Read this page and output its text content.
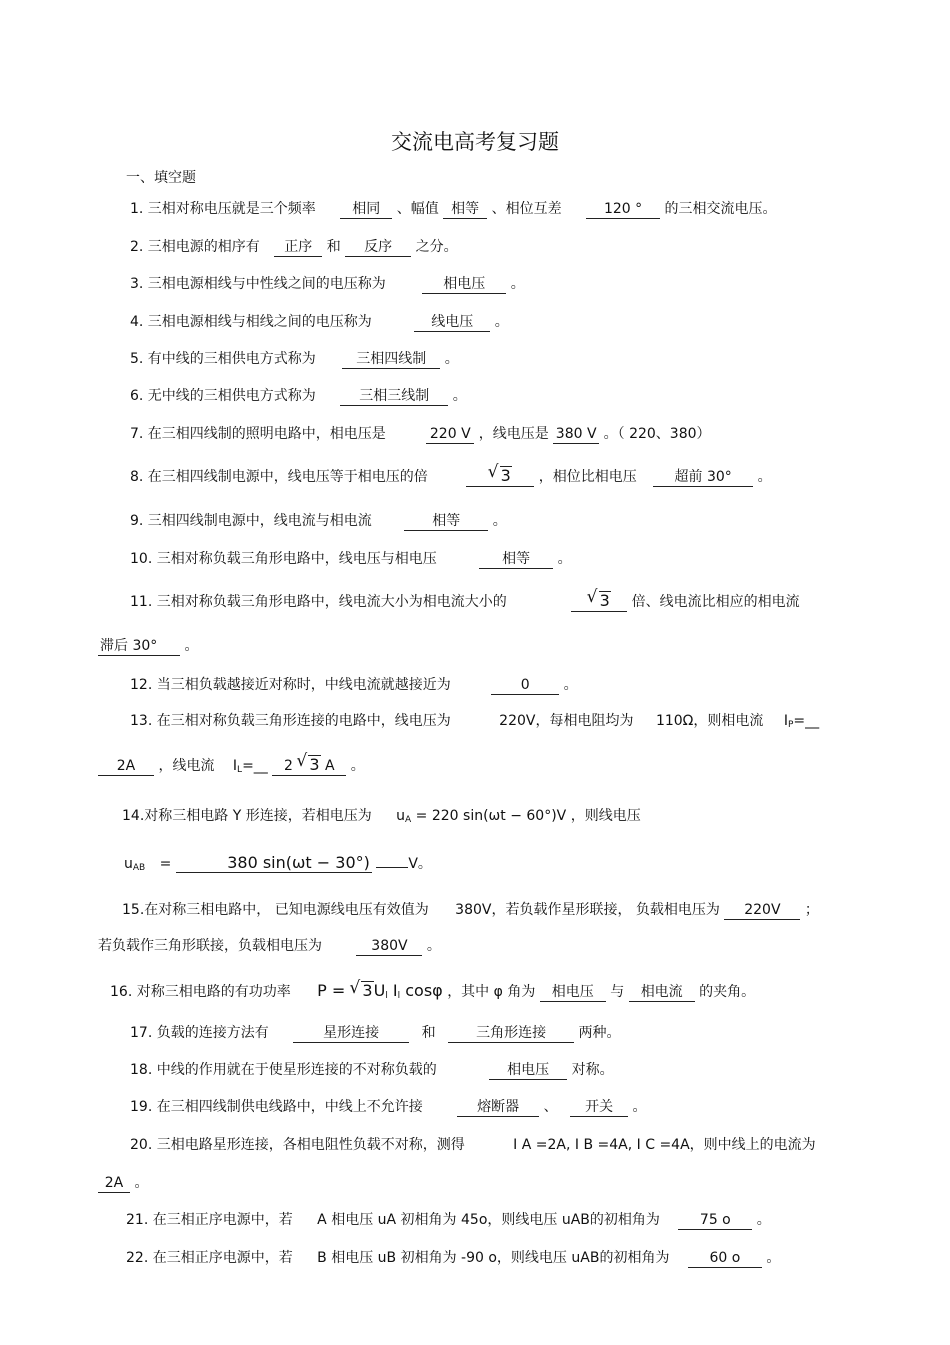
交流电高考复习题
一、填空题
1. 三相对称电压就是三个频率	相同 、幅值 相等 、相位互差	120 ° 的三相交流电压。
2. 三相电源的相序有 正序 和 反序 之分。
3. 三相电源相线与中性线之间的电压称为	相电压 。
4. 三相电源相线与相线之间的电压称为	线电压 。
5. 有中线的三相供电方式称为	三相四线制 。
6. 无中线的三相供电方式称为	三相三线制 。
7. 在三相四线制的照明电路中，相电压是	220 V ，线电压是 380 V 。（ 220、380）
8. 在三相四线制电源中，线电压等于相电压的倍	√ 3 ，相位比相电压	超前 30° 。
9. 三相四线制电源中，线电流与相电流	相等 。
10. 三相对称负载三角形电路中，线电压与相电压	相等 。
11. 三相对称负载三角形电路中，线电流大小为相电流大小的	√ 3 倍、线电流比相应的相电流
滞后 30° 。
12. 当三相负载越接近对称时，中线电流就越接近为	0 。
13. 在三相对称负载三角形连接的电路中，线电压为	220V，每相电阻均为 110Ω，则相电流 $I_P=\_\_$
2A ，线电流 $I_L=\_\_$ 2 √ 3 A 。
14.对称三相电路 Y 形连接，若相电压为 $u_A = 220$ sin(ωt − 60°)V ，则线电压
$u_{AB}$ =	380 sin(ωt − 30°)	V。
15.在对称三相电路中， 已知电源线电压有效值为 380V，若负载作星形联接， 负载相电压为 220V ；
若负载作三角形联接，负载相电压为	380V 。
16. 对称三相电路的有功功率 P = √ $3U_l$ $I_l$ cosφ ，其中 φ 角为 相电压 与 相电流 的夹角。
17. 负载的连接方法有	星形连接	和	三角形连接 两种。
18. 中线的作用就在于使星形连接的不对称负载的	相电压 对称。
19. 在三相四线制供电线路中，中线上不允许接	熔断器 、 开关 。
20. 三相电路星形连接，各相电阻性负载不对称，测得	I A =2A, I B =4A, I C =4A，则中线上的电流为
2A 。
21. 在三相正序电源中，若 A 相电压 uA 初相角为 45o，则线电压 uAB的初相角为	75 o 。
22. 在三相正序电源中，若 B 相电压 uB 初相角为 -90 o，则线电压 uAB的初相角为	60 o 。
